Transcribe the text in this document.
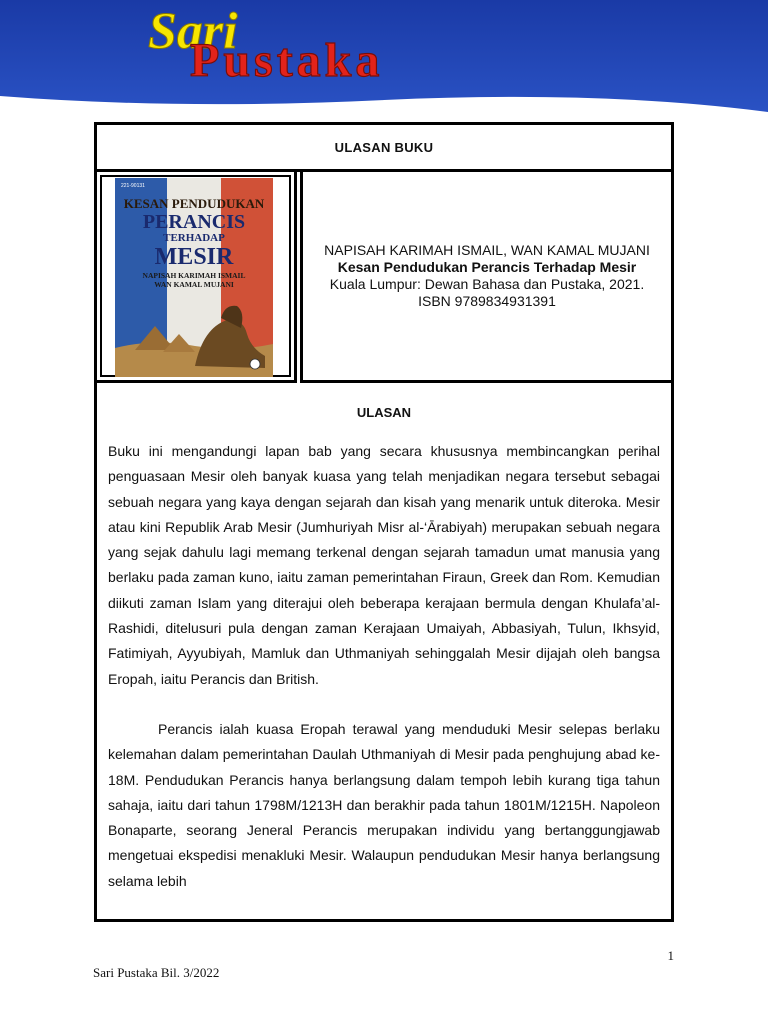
Sari
Pustaka
ULASAN BUKU
221-90131
KESAN PENDUDUKAN
PERANCIS
TERHADAP
MESIR
NAPISAH KARIMAH ISMAIL
WAN KAMAL MUJANI
NAPISAH KARIMAH ISMAIL, WAN KAMAL MUJANI
Kesan Pendudukan Perancis Terhadap Mesir
Kuala Lumpur: Dewan Bahasa dan Pustaka, 2021.
ISBN 9789834931391
ULASAN

Buku ini mengandungi lapan bab yang secara khususnya membincangkan perihal penguasaan Mesir oleh banyak kuasa yang telah menjadikan negara tersebut sebagai sebuah negara yang kaya dengan sejarah dan kisah yang menarik untuk diteroka. Mesir atau kini Republik Arab Mesir (Jumhuriyah Misr al-‘Ārabiyah) merupakan sebuah negara yang sejak dahulu lagi memang terkenal dengan sejarah tamadun umat manusia yang berlaku pada zaman kuno, iaitu zaman pemerintahan Firaun, Greek dan Rom. Kemudian diikuti zaman Islam yang diterajui oleh beberapa kerajaan bermula dengan Khulafa’al-Rashidi, ditelusuri pula dengan zaman Kerajaan Umaiyah, Abbasiyah, Tulun, Ikhsyid, Fatimiyah, Ayyubiyah, Mamluk dan Uthmaniyah sehinggalah Mesir dijajah oleh bangsa Eropah, iaitu Perancis dan British.

Perancis ialah kuasa Eropah terawal yang menduduki Mesir selepas berlaku kelemahan dalam pemerintahan Daulah Uthmaniyah di Mesir pada penghujung abad ke-18M. Pendudukan Perancis hanya berlangsung dalam tempoh lebih kurang tiga tahun sahaja, iaitu dari tahun 1798M/1213H dan berakhir pada tahun 1801M/1215H. Napoleon Bonaparte, seorang Jeneral Perancis merupakan individu yang bertanggungjawab mengetuai ekspedisi menakluki Mesir. Walaupun pendudukan Mesir hanya berlangsung selama lebih

1
Sari Pustaka Bil. 3/2022
